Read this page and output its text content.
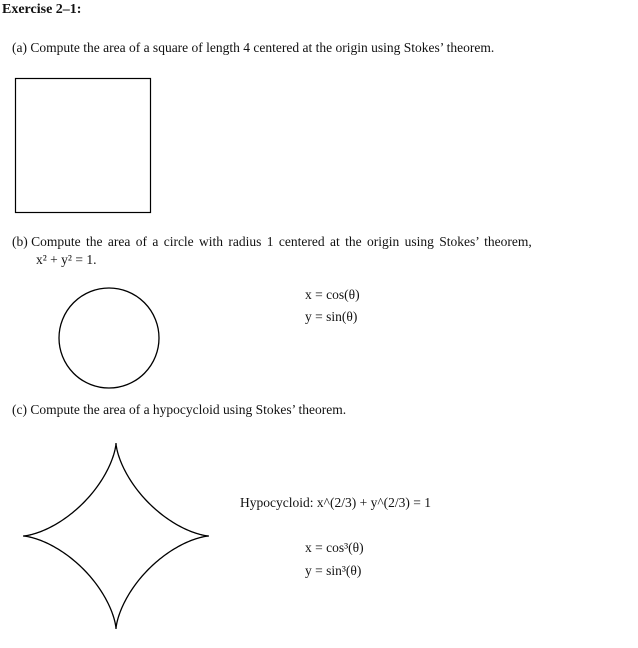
Exercise 2–1:
(a) Compute the area of a square of length 4 centered at the origin using Stokes’ theorem.
(b) Compute the area of a circle with radius 1 centered at the origin using Stokes’ theorem,
x² + y² = 1.
x = cos(θ)
y = sin(θ)
(c) Compute the area of a hypocycloid using Stokes’ theorem.
Hypocycloid: x^(2/3) + y^(2/3) = 1
x = cos³(θ)
y = sin³(θ)
